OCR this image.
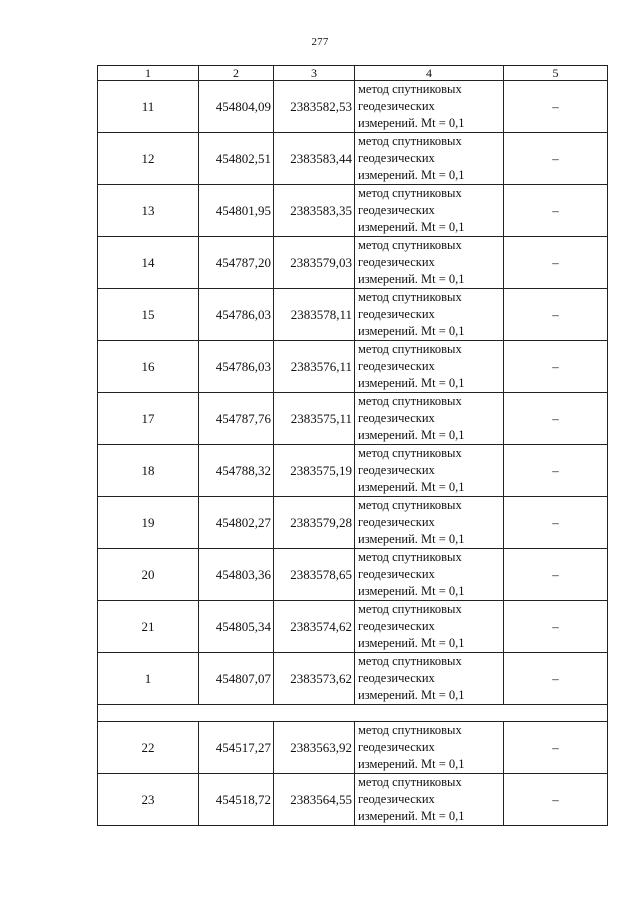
277
1	2	3	4	5
11	454804,09	2383582,53	метод спутниковых
геодезических
измерений. Mt = 0,1	–
12	454802,51	2383583,44	метод спутниковых
геодезических
измерений. Mt = 0,1	–
13	454801,95	2383583,35	метод спутниковых
геодезических
измерений. Mt = 0,1	–
14	454787,20	2383579,03	метод спутниковых
геодезических
измерений. Mt = 0,1	–
15	454786,03	2383578,11	метод спутниковых
геодезических
измерений. Mt = 0,1	–
16	454786,03	2383576,11	метод спутниковых
геодезических
измерений. Mt = 0,1	–
17	454787,76	2383575,11	метод спутниковых
геодезических
измерений. Mt = 0,1	–
18	454788,32	2383575,19	метод спутниковых
геодезических
измерений. Mt = 0,1	–
19	454802,27	2383579,28	метод спутниковых
геодезических
измерений. Mt = 0,1	–
20	454803,36	2383578,65	метод спутниковых
геодезических
измерений. Mt = 0,1	–
21	454805,34	2383574,62	метод спутниковых
геодезических
измерений. Mt = 0,1	–
1	454807,07	2383573,62	метод спутниковых
геодезических
измерений. Mt = 0,1	–

22	454517,27	2383563,92	метод спутниковых
геодезических
измерений. Mt = 0,1	–
23	454518,72	2383564,55	метод спутниковых
геодезических
измерений. Mt = 0,1	–
